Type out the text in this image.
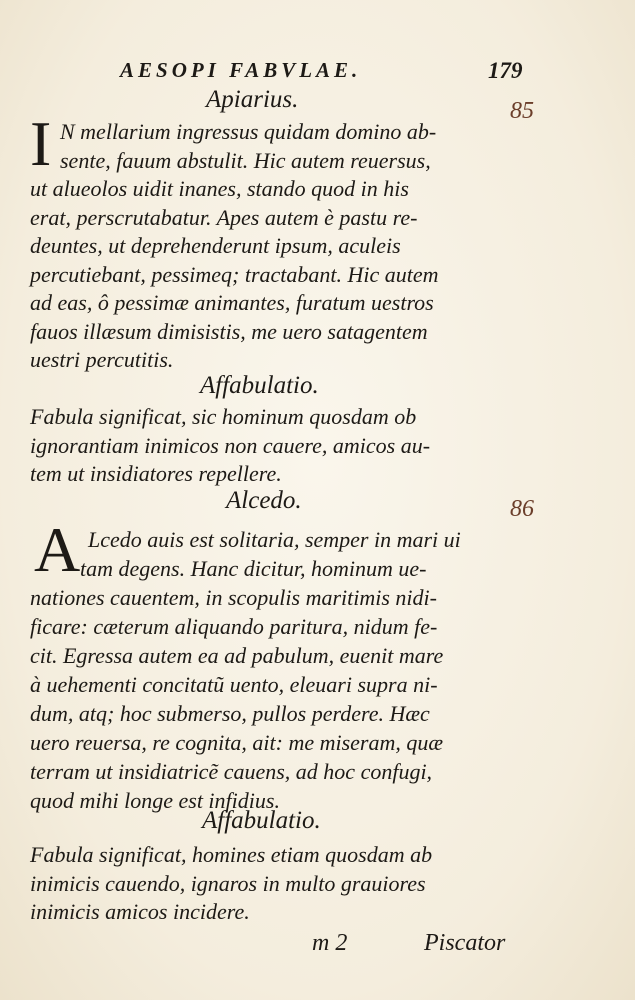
AESOPI FABVLAE.	179
85
86
Apiarius.
I N mellarium ingressus quidam domino ab-
sente, fauum abstulit. Hic autem reuersus,
ut alueolos uidit inanes, stando quod in his
erat, perscrutabatur. Apes autem è pastu re-
deuntes, ut deprehenderunt ipsum, aculeis
percutiebant, pessimeq; tractabant. Hic autem
ad eas, ô pessimæ animantes, furatum uestros
fauos illæsum dimisistis, me uero satagentem
uestri percutitis.
Affabulatio.
Fabula significat, sic hominum quosdam ob
ignorantiam inimicos non cauere, amicos au-
tem ut insidiatores repellere.
Alcedo.
A Lcedo auis est solitaria, semper in mari ui
tam degens. Hanc dicitur, hominum ue-
nationes cauentem, in scopulis maritimis nidi-
ficare: cæterum aliquando paritura, nidum fe-
cit. Egressa autem ea ad pabulum, euenit mare
à uehementi concitatũ uento, eleuari supra ni-
dum, atq; hoc submerso, pullos perdere. Hæc
uero reuersa, re cognita, ait: me miseram, quæ
terram ut insidiatricẽ cauens, ad hoc confugi,
quod mihi longe est infidius.
Affabulatio.
Fabula significat, homines etiam quosdam ab
inimicis cauendo, ignaros in multo grauiores
inimicis amicos incidere.
m 2	Piscator
